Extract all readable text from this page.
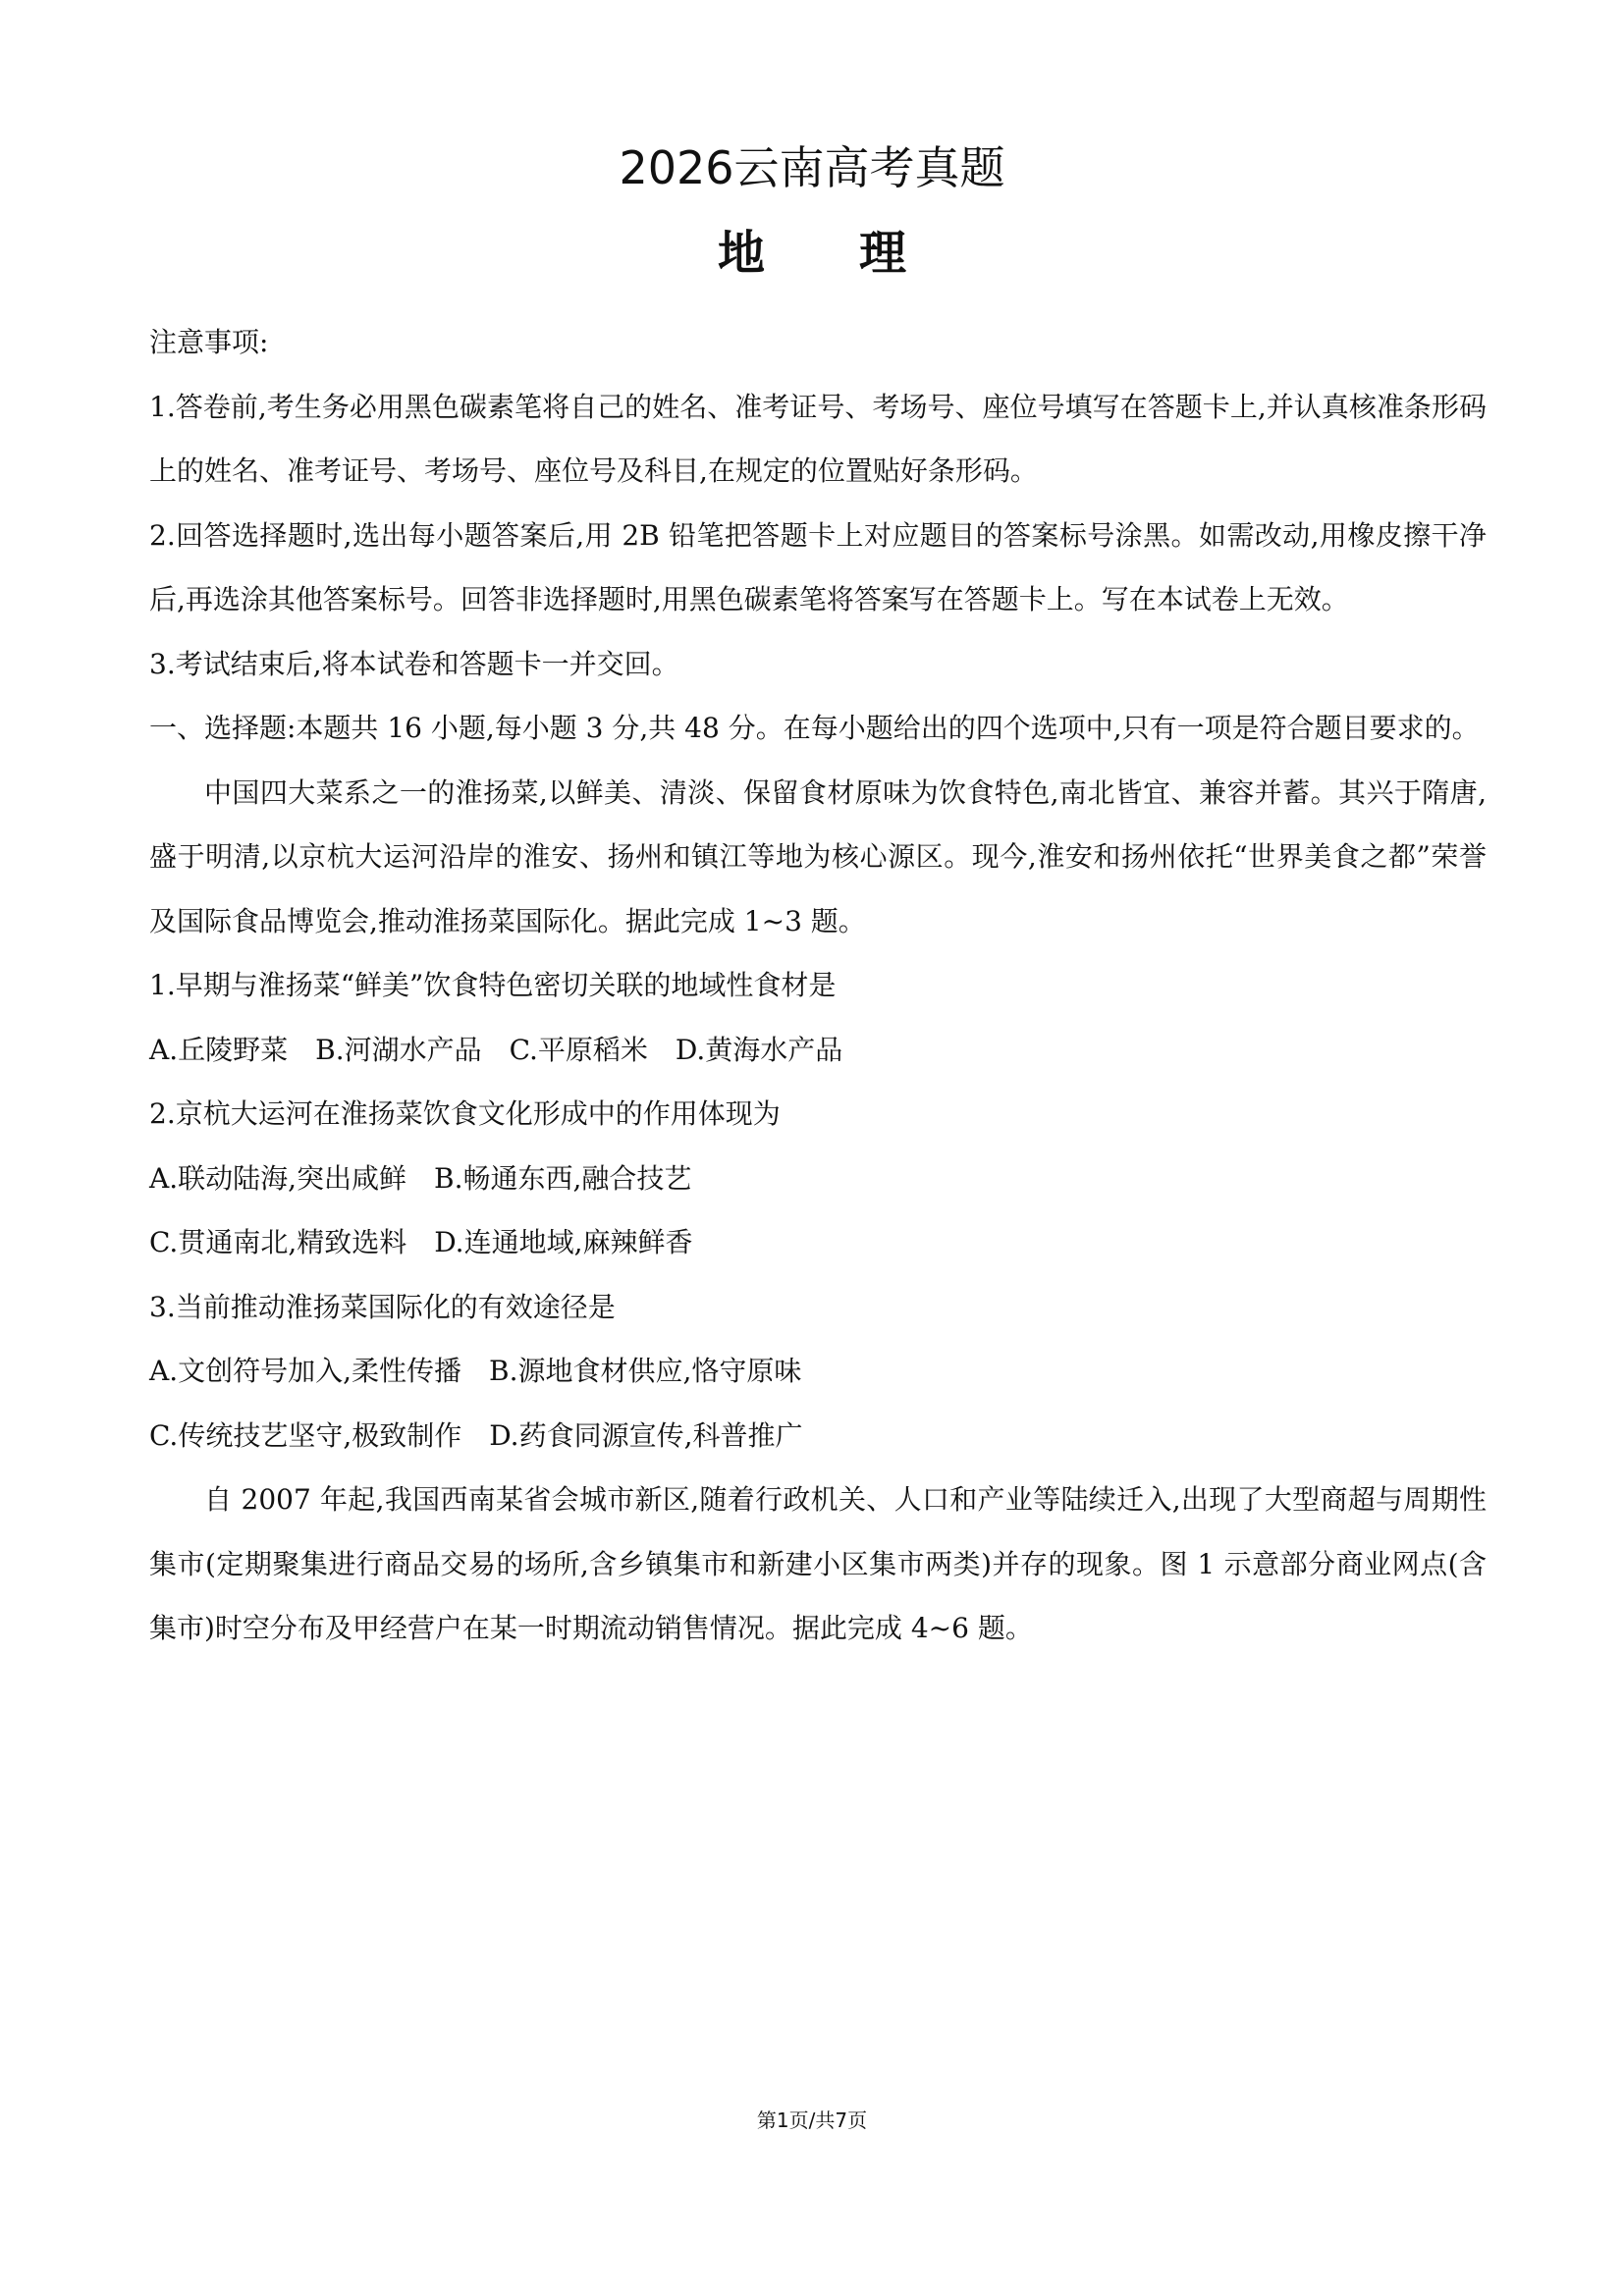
2026云南高考真题
地　　理

注意事项:

1.答卷前,考生务必用黑色碳素笔将自己的姓名、准考证号、考场号、座位号填写在答题卡上,并认真核准条形码上的姓名、准考证号、考场号、座位号及科目,在规定的位置贴好条形码。

2.回答选择题时,选出每小题答案后,用 2B 铅笔把答题卡上对应题目的答案标号涂黑。如需改动,用橡皮擦干净后,再选涂其他答案标号。回答非选择题时,用黑色碳素笔将答案写在答题卡上。写在本试卷上无效。

3.考试结束后,将本试卷和答题卡一并交回。

一、选择题:本题共 16 小题,每小题 3 分,共 48 分。在每小题给出的四个选项中,只有一项是符合题目要求的。

中国四大菜系之一的淮扬菜,以鲜美、清淡、保留食材原味为饮食特色,南北皆宜、兼容并蓄。其兴于隋唐,盛于明清,以京杭大运河沿岸的淮安、扬州和镇江等地为核心源区。现今,淮安和扬州依托“世界美食之都”荣誉及国际食品博览会,推动淮扬菜国际化。据此完成 1~3 题。

1.早期与淮扬菜“鲜美”饮食特色密切关联的地域性食材是

A.丘陵野菜　B.河湖水产品　C.平原稻米　D.黄海水产品

2.京杭大运河在淮扬菜饮食文化形成中的作用体现为

A.联动陆海,突出咸鲜　B.畅通东西,融合技艺

C.贯通南北,精致选料　D.连通地域,麻辣鲜香

3.当前推动淮扬菜国际化的有效途径是

A.文创符号加入,柔性传播　B.源地食材供应,恪守原味

C.传统技艺坚守,极致制作　D.药食同源宣传,科普推广

自 2007 年起,我国西南某省会城市新区,随着行政机关、人口和产业等陆续迁入,出现了大型商超与周期性集市(定期聚集进行商品交易的场所,含乡镇集市和新建小区集市两类)并存的现象。图 1 示意部分商业网点(含集市)时空分布及甲经营户在某一时期流动销售情况。据此完成 4~6 题。

第1页/共7页
